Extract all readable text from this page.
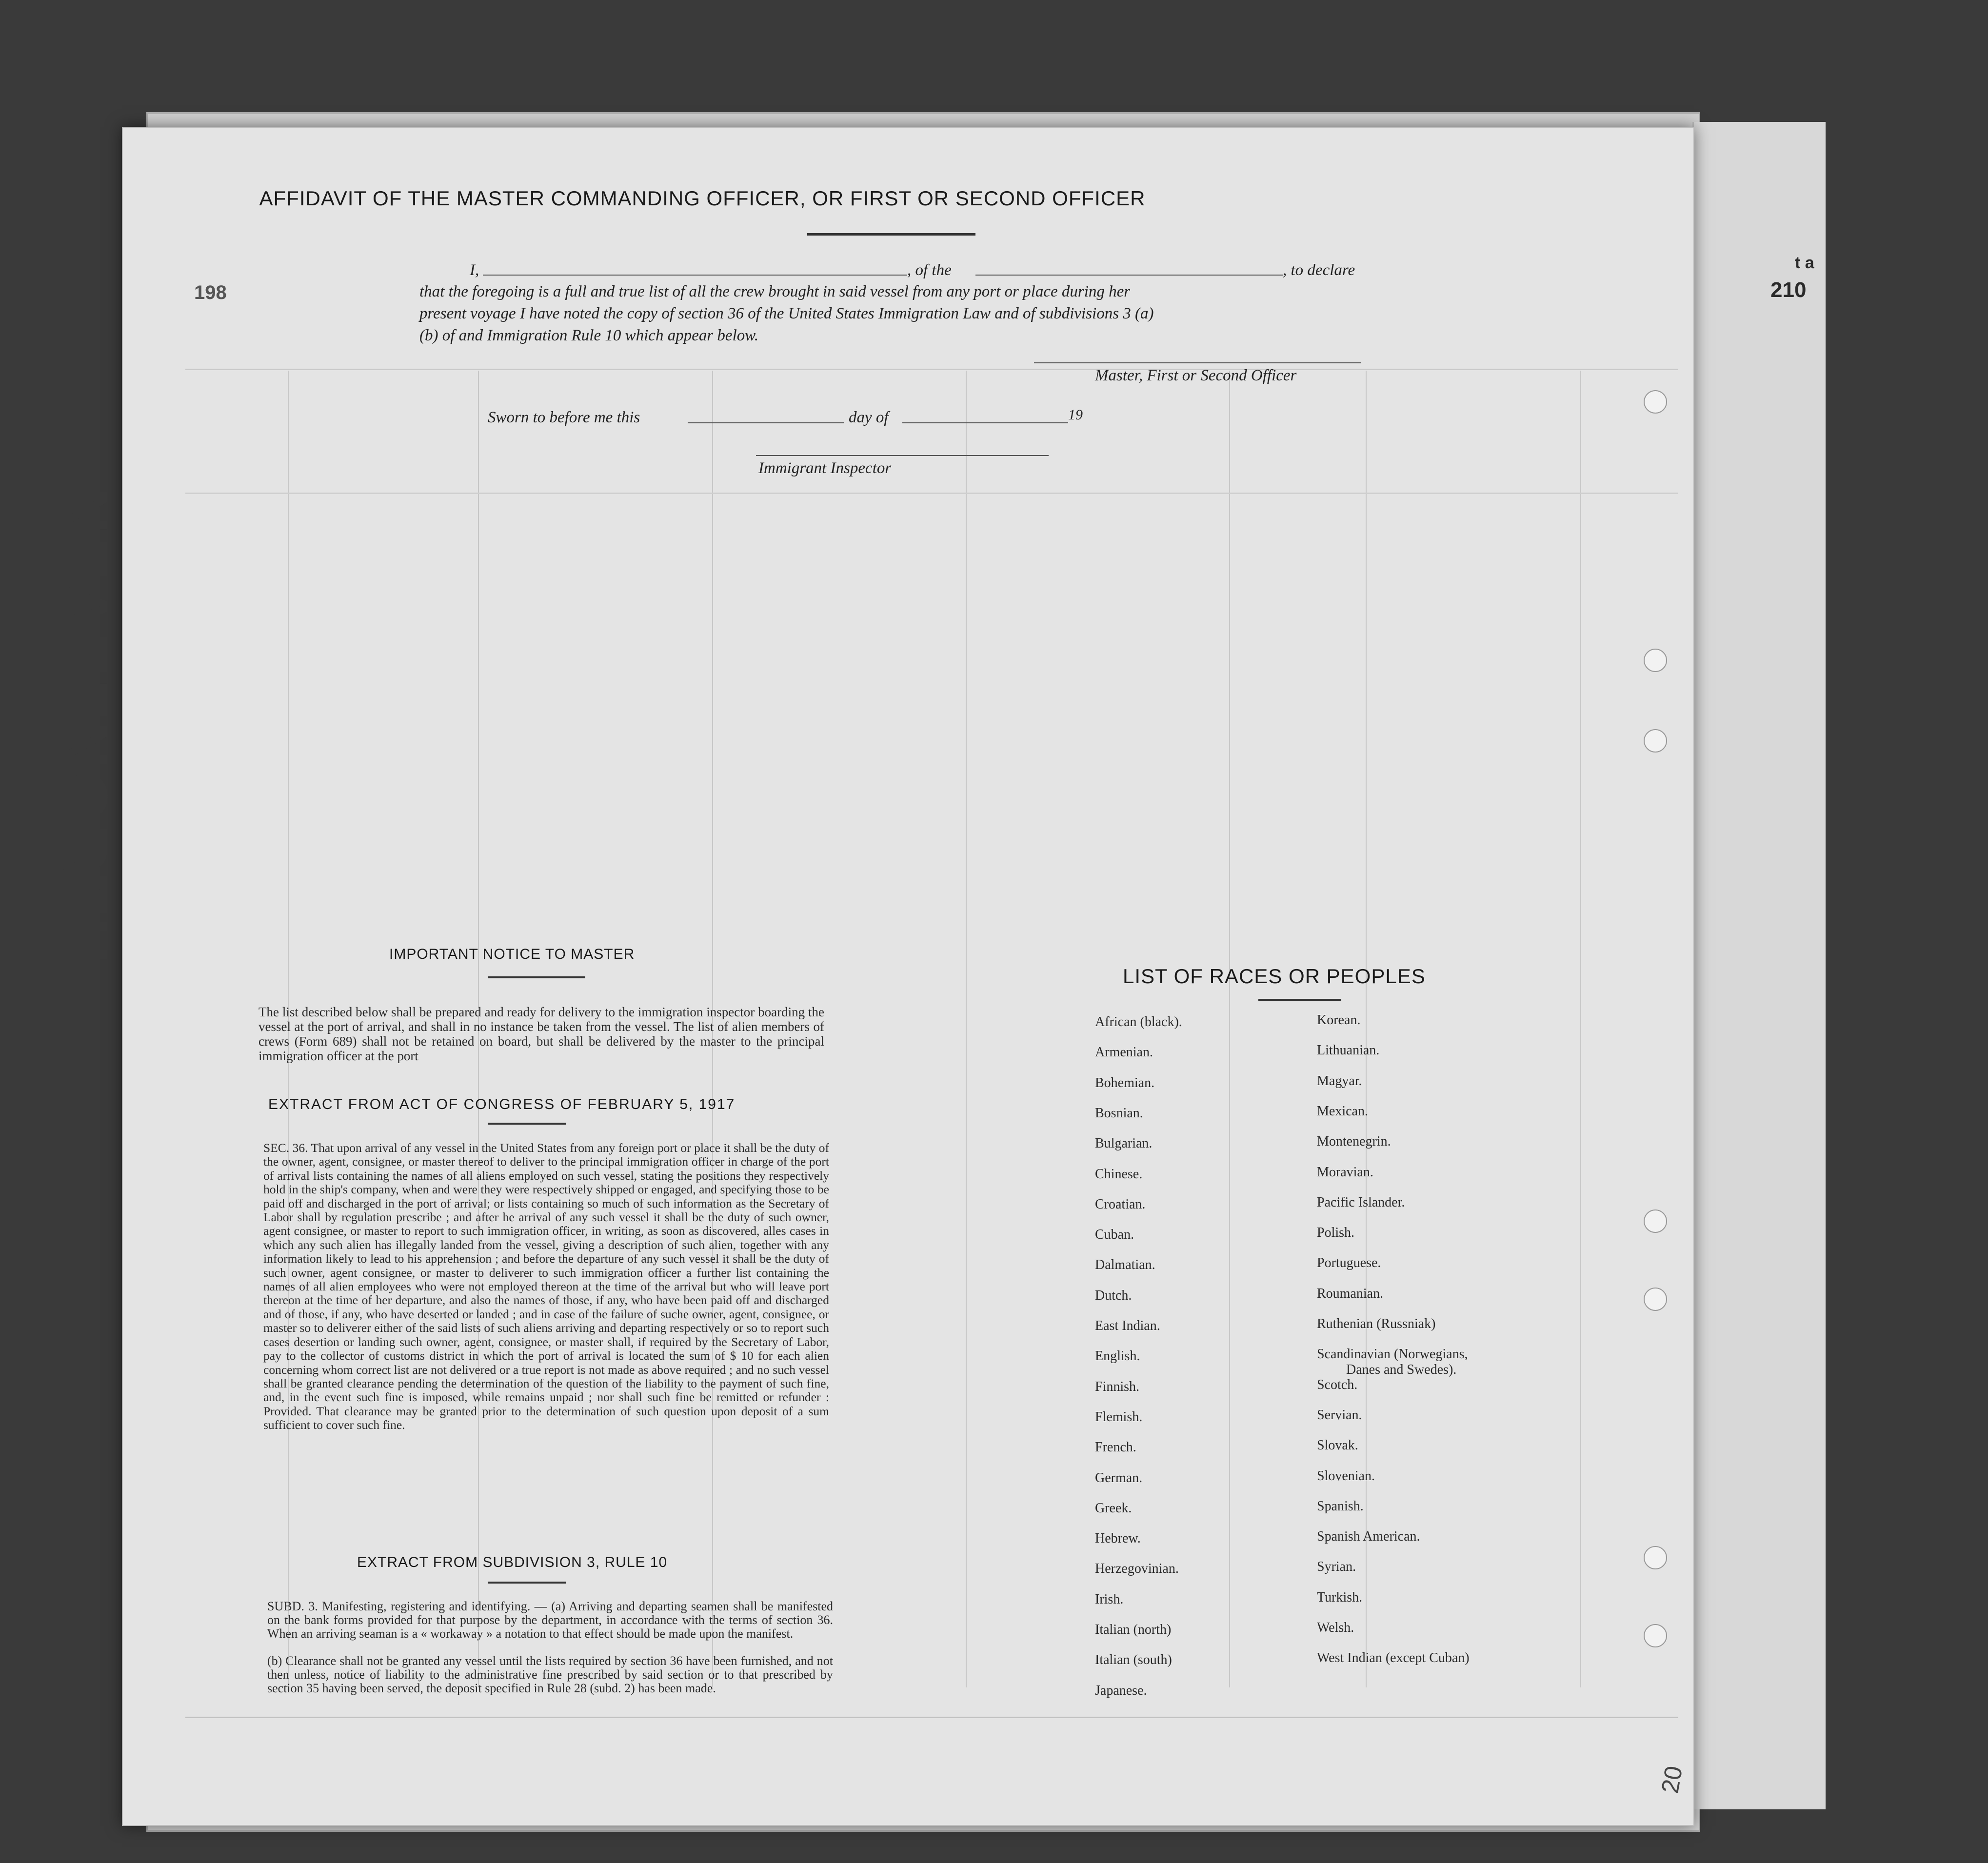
210
t a
198
20
NEAEFNORTH
AFFIDAVIT OF THE MASTER COMMANDING OFFICER, OR FIRST OR SECOND OFFICER
I,	, of the	, to declare
that the foregoing is a full and true list of all the crew brought in said vessel from any port or place during her
present voyage I have noted the copy of section 36 of the United States Immigration Law and of subdivisions 3 (a)
(b) of and Immigration Rule 10 which appear below.
Master, First or Second Officer
Sworn to before me this	day of	19
Immigrant Inspector
IMPORTANT NOTICE TO MASTER
The list described below shall be prepared and ready for delivery to the immigration inspector boarding the vessel at the port of arrival, and shall in no instance be taken from the vessel. The list of alien members of crews (Form 689) shall not be retained on board, but shall be delivered by the master to the principal immigration officer at the port
EXTRACT FROM ACT OF CONGRESS OF FEBRUARY 5, 1917
SEC. 36. That upon arrival of any vessel in the United States from any foreign port or place it shall be the duty of the owner, agent, consignee, or master thereof to deliver to the principal immigration officer in charge of the port of arrival lists containing the names of all aliens employed on such vessel, stating the positions they respectively hold in the ship's company, when and were they were respectively shipped or engaged, and specifying those to be paid off and discharged in the port of arrival; or lists containing so much of such information as the Secretary of Labor shall by regulation prescribe ; and after he arrival of any such vessel it shall be the duty of such owner, agent consignee, or master to report to such immigration officer, in writing, as soon as discovered, alles cases in which any such alien has illegally landed from the vessel, giving a description of such alien, together with any information likely to lead to his apprehension ; and before the departure of any such vessel it shall be the duty of such owner, agent consignee, or master to deliverer to such immigration officer a further list containing the names of all alien employees who were not employed thereon at the time of the arrival but who will leave port thereon at the time of her departure, and also the names of those, if any, who have been paid off and discharged and of those, if any, who have deserted or landed ; and in case of the failure of suche owner, agent, consignee, or master so to deliverer either of the said lists of such aliens arriving and departing respectively or so to report such cases desertion or landing such owner, agent, consignee, or master shall, if required by the Secretary of Labor, pay to the collector of customs district in which the port of arrival is located the sum of $ 10 for each alien concerning whom correct list are not delivered or a true report is not made as above required ; and no such vessel shall be granted clearance pending the determination of the question of the liability to the payment of such fine, and, in the event such fine is imposed, while remains unpaid ; nor shall such fine be remitted or refunder : Provided. That clearance may be granted prior to the determination of such question upon deposit of a sum sufficient to cover such fine.
EXTRACT FROM SUBDIVISION 3, RULE 10
SUBD. 3. Manifesting, registering and identifying. — (a) Arriving and departing seamen shall be manifested on the bank forms provided for that purpose by the department, in accordance with the terms of section 36. When an arriving seaman is a « workaway » a notation to that effect should be made upon the manifest.
(b) Clearance shall not be granted any vessel until the lists required by section 36 have been furnished, and not then unless, notice of liability to the administrative fine prescribed by said section or to that prescribed by section 35 having been served, the deposit specified in Rule 28 (subd. 2) has been made.
LIST OF RACES OR PEOPLES
African (black).
Armenian.
Bohemian.
Bosnian.
Bulgarian.
Chinese.
Croatian.
Cuban.
Dalmatian.
Dutch.
East Indian.
English.
Finnish.
Flemish.
French.
German.
Greek.
Hebrew.
Herzegovinian.
Irish.
Italian (north)
Italian (south)
Japanese.
Korean.
Lithuanian.
Magyar.
Mexican.
Montenegrin.
Moravian.
Pacific Islander.
Polish.
Portuguese.
Roumanian.
Ruthenian (Russniak)
Scandinavian (Norwegians,
Danes and Swedes).
Scotch.
Servian.
Slovak.
Slovenian.
Spanish.
Spanish American.
Syrian.
Turkish.
Welsh.
West Indian (except Cuban)
